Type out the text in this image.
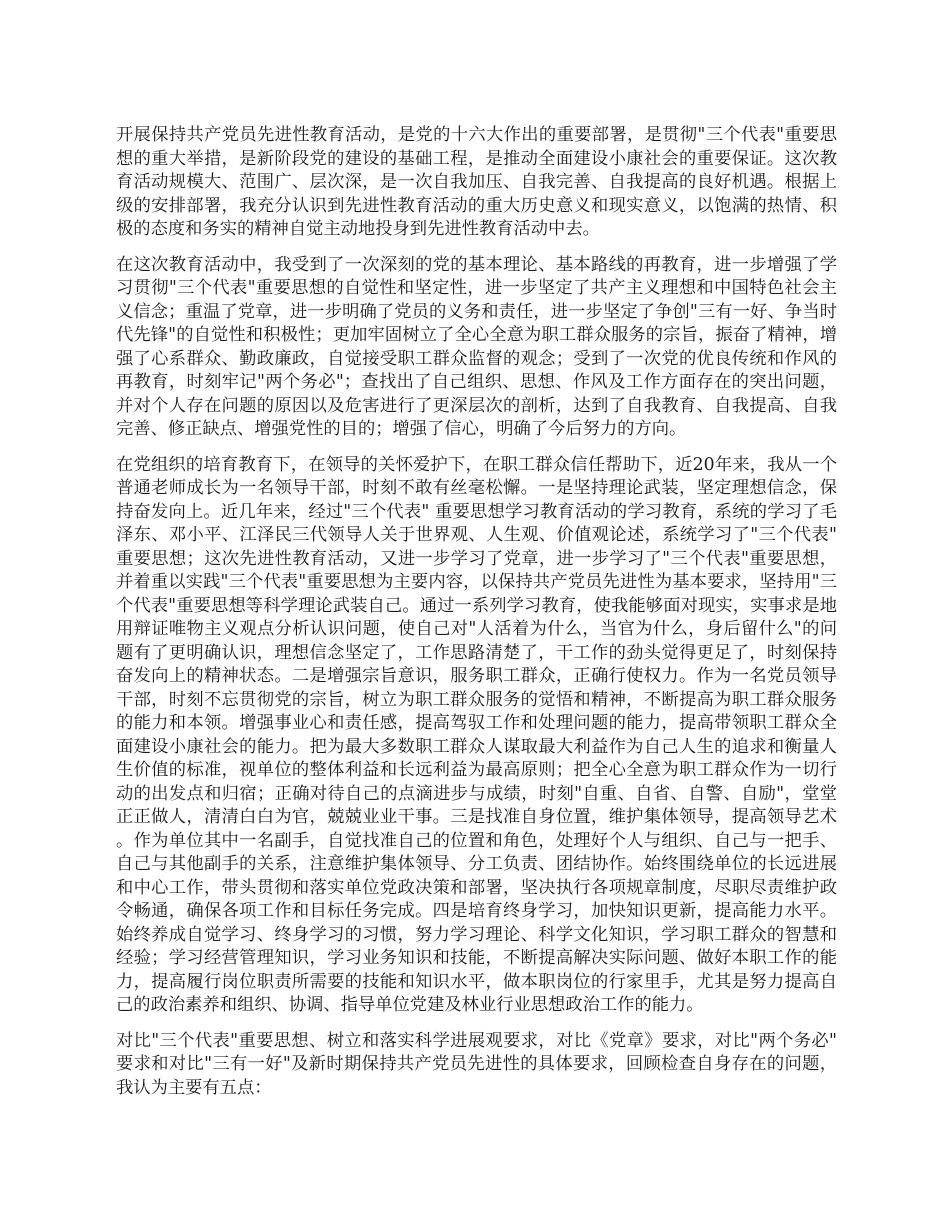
开展保持共产党员先进性教育活动，是党的十六大作出的重要部署，是贯彻"三个代表"重要思想的重大举措，是新阶段党的建设的基础工程，是推动全面建设小康社会的重要保证。这次教育活动规模大、范围广、层次深，是一次自我加压、自我完善、自我提高的良好机遇。根据上级的安排部署，我充分认识到先进性教育活动的重大历史意义和现实意义，以饱满的热情、积极的态度和务实的精神自觉主动地投身到先进性教育活动中去。

在这次教育活动中，我受到了一次深刻的党的基本理论、基本路线的再教育，进一步增强了学习贯彻"三个代表"重要思想的自觉性和坚定性，进一步坚定了共产主义理想和中国特色社会主义信念；重温了党章，进一步明确了党员的义务和责任，进一步坚定了争创"三有一好、争当时代先锋"的自觉性和积极性；更加牢固树立了全心全意为职工群众服务的宗旨，振奋了精神，增强了心系群众、勤政廉政，自觉接受职工群众监督的观念；受到了一次党的优良传统和作风的再教育，时刻牢记"两个务必"；查找出了自己组织、思想、作风及工作方面存在的突出问题，并对个人存在问题的原因以及危害进行了更深层次的剖析，达到了自我教育、自我提高、自我完善、修正缺点、增强党性的目的；增强了信心，明确了今后努力的方向。

在党组织的培育教育下，在领导的关怀爱护下，在职工群众信任帮助下，近20年来，我从一个普通老师成长为一名领导干部，时刻不敢有丝毫松懈。一是坚持理论武装，坚定理想信念，保持奋发向上。近几年来，经过"三个代表" 重要思想学习教育活动的学习教育，系统的学习了毛泽东、邓小平、江泽民三代领导人关于世界观、人生观、价值观论述，系统学习了"三个代表" 重要思想；这次先进性教育活动，又进一步学习了党章，进一步学习了"三个代表"重要思想，并着重以实践"三个代表"重要思想为主要内容，以保持共产党员先进性为基本要求，坚持用"三个代表"重要思想等科学理论武装自己。通过一系列学习教育，使我能够面对现实，实事求是地用辩证唯物主义观点分析认识问题，使自己对"人活着为什么，当官为什么，身后留什么"的问题有了更明确认识，理想信念坚定了，工作思路清楚了，干工作的劲头觉得更足了，时刻保持奋发向上的精神状态。二是增强宗旨意识，服务职工群众，正确行使权力。作为一名党员领导干部，时刻不忘贯彻党的宗旨，树立为职工群众服务的觉悟和精神，不断提高为职工群众服务的能力和本领。增强事业心和责任感，提高驾驭工作和处理问题的能力，提高带领职工群众全面建设小康社会的能力。把为最大多数职工群众人谋取最大利益作为自己人生的追求和衡量人生价值的标准，视单位的整体利益和长远利益为最高原则；把全心全意为职工群众作为一切行动的出发点和归宿；正确对待自己的点滴进步与成绩，时刻"自重、自省、自警、自励"，堂堂正正做人，清清白白为官，兢兢业业干事。三是找准自身位置，维护集体领导，提高领导艺术。作为单位其中一名副手，自觉找准自己的位置和角色，处理好个人与组织、自己与一把手、自己与其他副手的关系，注意维护集体领导、分工负责、团结协作。始终围绕单位的长远进展和中心工作，带头贯彻和落实单位党政决策和部署，坚决执行各项规章制度，尽职尽责维护政令畅通，确保各项工作和目标任务完成。四是培育终身学习，加快知识更新，提高能力水平。始终养成自觉学习、终身学习的习惯，努力学习理论、科学文化知识，学习职工群众的智慧和经验；学习经营管理知识，学习业务知识和技能，不断提高解决实际问题、做好本职工作的能力，提高履行岗位职责所需要的技能和知识水平，做本职岗位的行家里手，尤其是努力提高自己的政治素养和组织、协调、指导单位党建及林业行业思想政治工作的能力。

对比"三个代表"重要思想、树立和落实科学进展观要求，对比《党章》要求，对比"两个务必"要求和对比"三有一好"及新时期保持共产党员先进性的具体要求，回顾检查自身存在的问题，我认为主要有五点：
